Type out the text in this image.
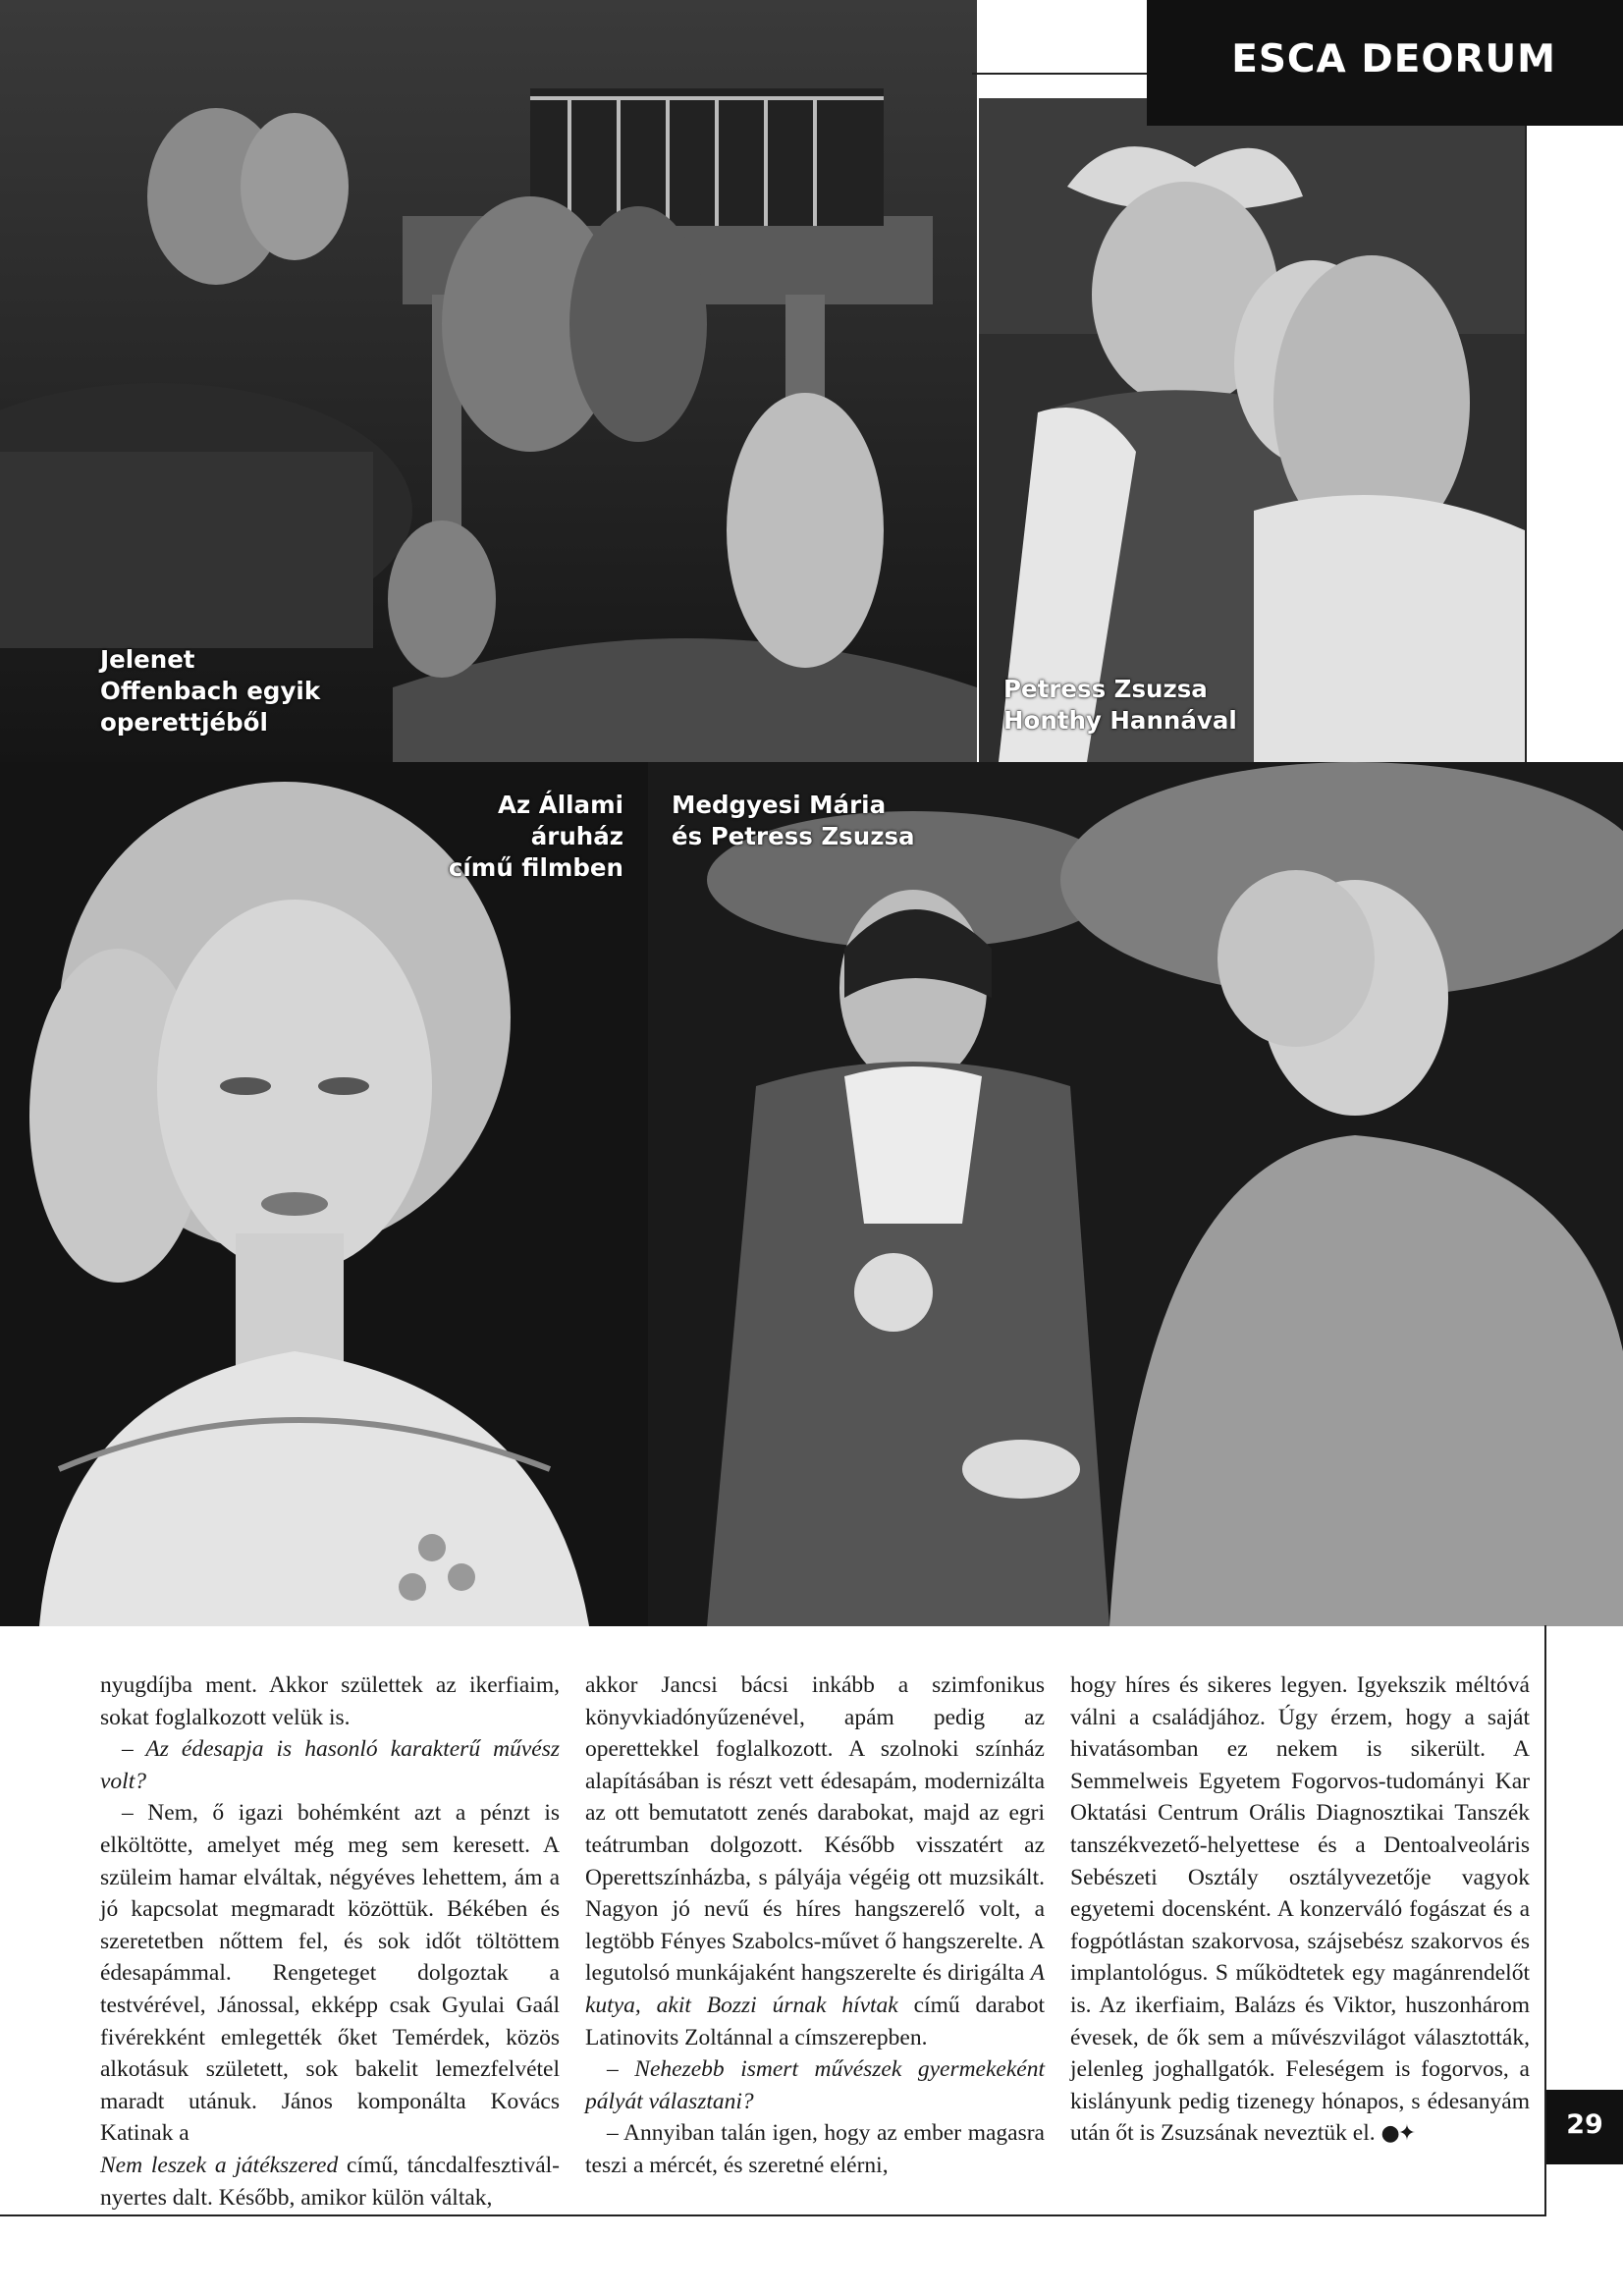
Jelenet
Offenbach egyik
operettjéből
Petress Zsuzsa
Honthy Hannával
Az Állami áruház
című filmben
Medgyesi Mária
és Petress Zsuzsa
ESCA DEORUM

nyugdíjba ment. Akkor születtek az ikerfiaim, sokat foglalkozott velük is.

– Az édesapja is hasonló karakterű művész volt?

– Nem, ő igazi bohémként azt a pénzt is elköltötte, amelyet még meg sem keresett. A szüleim hamar elváltak, négyéves lehettem, ám a jó kapcsolat megmaradt közöttük. Békében és szeretetben nőttem fel, és sok időt töltöttem édesapámmal. Rengeteget dolgoztak a testvérével, Jánossal, ekképp csak Gyulai Gaál fivérekként emlegették őket Temérdek, közös alkotásuk született, sok bakelit lemezfelvétel maradt utánuk. János komponálta Kovács Katinak a

Nem leszek a játékszered című, táncdalfesztivál-nyertes dalt. Később, amikor külön váltak,

akkor Jancsi bácsi inkább a szimfonikus könyvkiadónyűzenével, apám pedig az operettekkel foglalkozott. A szolnoki színház alapításában is részt vett édesapám, modernizálta az ott bemutatott zenés darabokat, majd az egri teátrumban dolgozott. Később visszatért az Operettszínházba, s pályája végéig ott muzsikált. Nagyon jó nevű és híres hangszerelő volt, a legtöbb Fényes Szabolcs-művet ő hangszerelte. A legutolsó munkájaként hangszerelte és dirigálta A kutya, akit Bozzi úrnak hívtak című darabot Latinovits Zoltánnal a címszerepben.

– Nehezebb ismert művészek gyermekeként pályát választani?

– Annyiban talán igen, hogy az ember magasra teszi a mércét, és szeretné elérni,

hogy híres és sikeres legyen. Igyekszik méltóvá válni a családjához. Úgy érzem, hogy a saját hivatásomban ez nekem is sikerült. A Semmelweis Egyetem Fogorvos-tudományi Kar Oktatási Centrum Orális Diagnosztikai Tanszék tanszékvezető-helyettese és a Dentoalveoláris Sebészeti Osztály osztályvezetője vagyok egyetemi docensként. A konzerváló fogászat és a fogpótlástan szakorvosa, szájsebész szakorvos és implantológus. S működtetek egy magánrendelőt is. Az ikerfiaim, Balázs és Viktor, huszonhárom évesek, de ők sem a művészvilágot választották, jelenleg joghallgatók. Feleségem is fogorvos, a kislányunk pedig tizenegy hónapos, s édesanyám után őt is Zsuzsának neveztük el. ●✦	29
